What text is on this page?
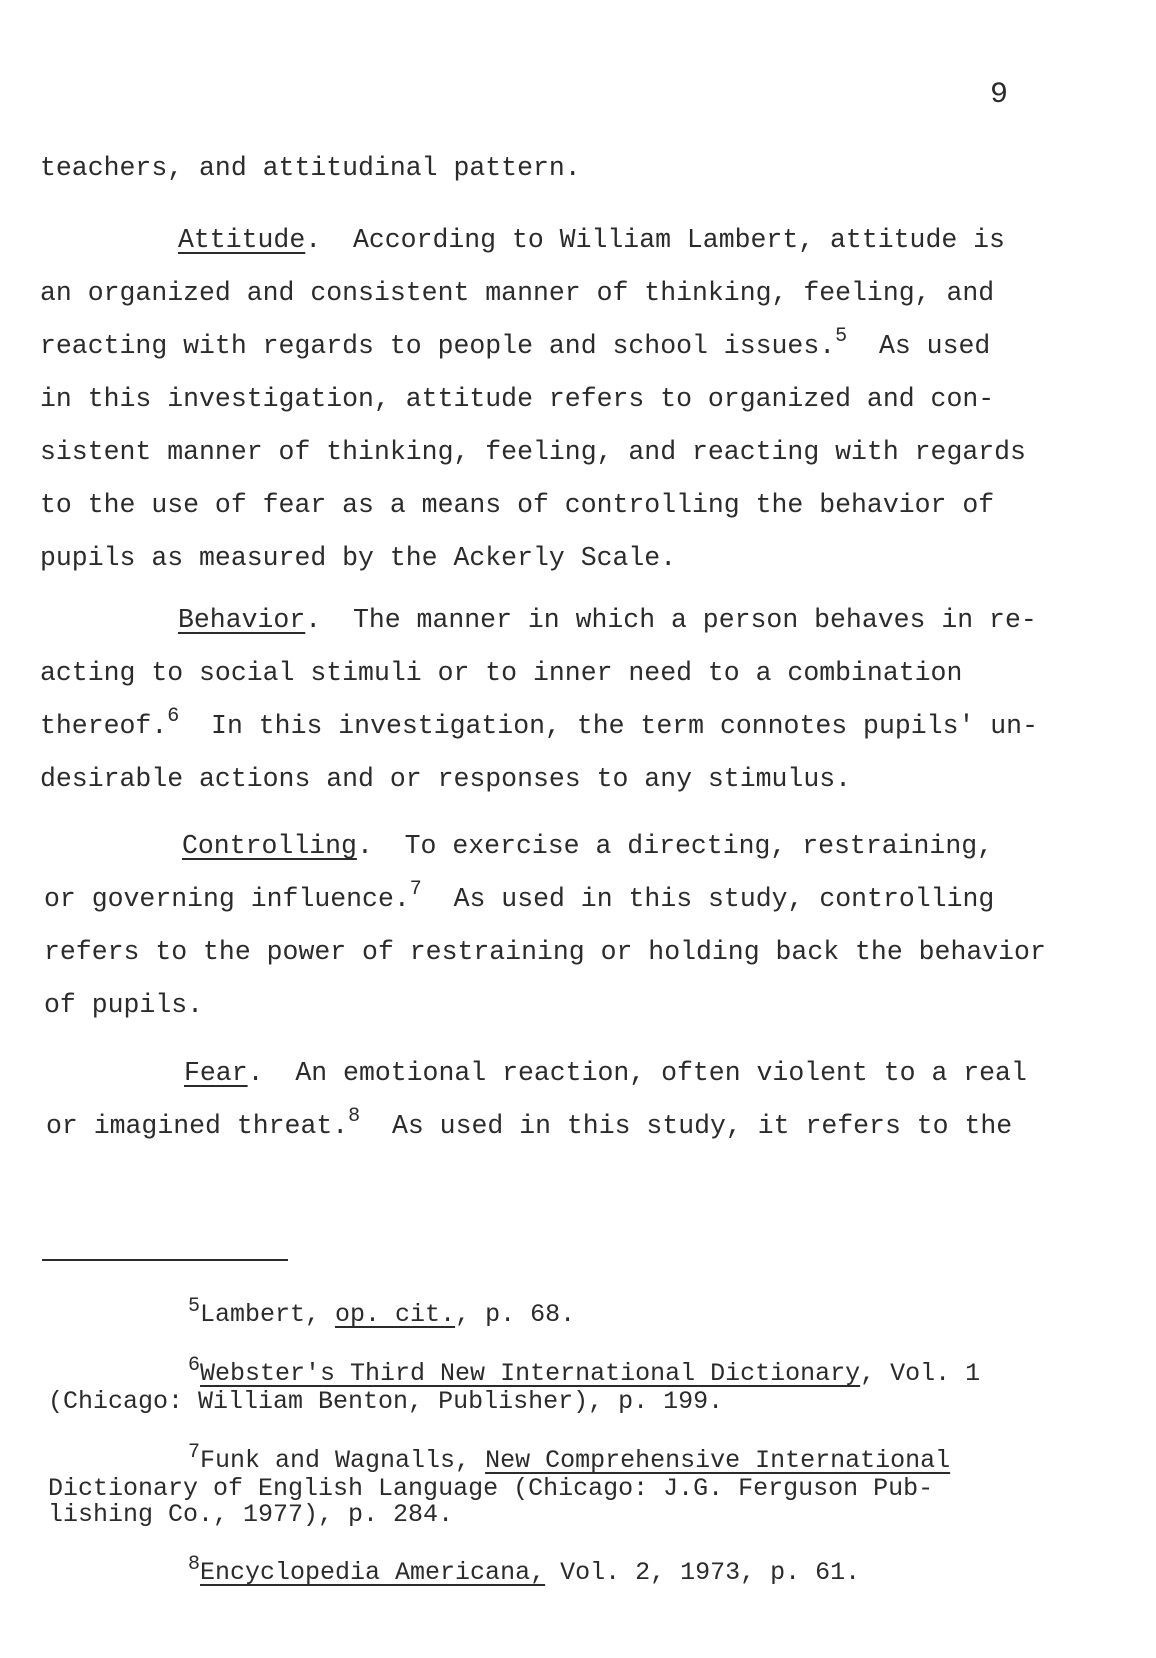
9
teachers, and attitudinal pattern.
Attitude.  According to William Lambert, attitude is
an organized and consistent manner of thinking, feeling, and
reacting with regards to people and school issues.$^5$  As used
in this investigation, attitude refers to organized and con-
sistent manner of thinking, feeling, and reacting with regards
to the use of fear as a means of controlling the behavior of
pupils as measured by the Ackerly Scale.
Behavior.  The manner in which a person behaves in re-
acting to social stimuli or to inner need to a combination
thereof.$^6$  In this investigation, the term connotes pupils' un-
desirable actions and or responses to any stimulus.
Controlling.  To exercise a directing, restraining,
or governing influence.$^7$  As used in this study, controlling
refers to the power of restraining or holding back the behavior
of pupils.
Fear.  An emotional reaction, often violent to a real
or imagined threat.$^8$  As used in this study, it refers to the
$^5$Lambert, op. cit., p. 68.
$^6$Webster's Third New International Dictionary, Vol. 1
(Chicago: William Benton, Publisher), p. 199.
$^7$Funk and Wagnalls, New Comprehensive International
Dictionary of English Language (Chicago: J.G. Ferguson Pub-
lishing Co., 1977), p. 284.
$^8$Encyclopedia Americana, Vol. 2, 1973, p. 61.
